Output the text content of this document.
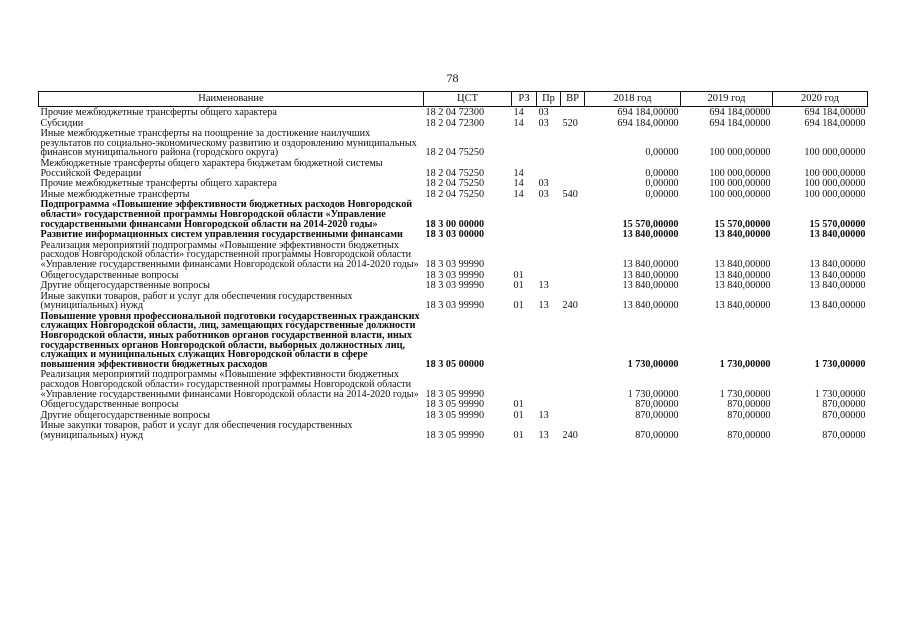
78
Наименование	ЦСТ	РЗ	Пр	ВР	2018 год	2019 год	2020 год
Прочие межбюджетные трансферты общего характера	18 2 04 72300	14	03		694 184,00000	694 184,00000	694 184,00000
Субсидии	18 2 04 72300	14	03	520	694 184,00000	694 184,00000	694 184,00000
Иные межбюджетные трансферты на поощрение за достижение наилучших результатов по социально-экономическому развитию и оздоровлению муниципальных финансов муниципального района (городского округа)	18 2 04 75250				0,00000	100 000,00000	100 000,00000
Межбюджетные трансферты общего характера бюджетам бюджетной системы Российской Федерации	18 2 04 75250	14			0,00000	100 000,00000	100 000,00000
Прочие межбюджетные трансферты общего характера	18 2 04 75250	14	03		0,00000	100 000,00000	100 000,00000
Иные межбюджетные трансферты	18 2 04 75250	14	03	540	0,00000	100 000,00000	100 000,00000
Подпрограмма «Повышение эффективности бюджетных расходов Новгородской области» государственной программы Новгородской области «Управление государственными финансами Новгородской области на 2014-2020 годы»	18 3 00 00000				15 570,00000	15 570,00000	15 570,00000
Развитие информационных систем управления государственными финансами	18 3 03 00000				13 840,00000	13 840,00000	13 840,00000
Реализация мероприятий подпрограммы «Повышение эффективности бюджетных расходов Новгородской области» государственной программы Новгородской области «Управление государственными финансами Новгородской области на 2014-2020 годы»	18 3 03 99990				13 840,00000	13 840,00000	13 840,00000
Общегосударственные вопросы	18 3 03 99990	01			13 840,00000	13 840,00000	13 840,00000
Другие общегосударственные вопросы	18 3 03 99990	01	13		13 840,00000	13 840,00000	13 840,00000
Иные закупки товаров, работ и услуг для обеспечения государственных (муниципальных) нужд	18 3 03 99990	01	13	240	13 840,00000	13 840,00000	13 840,00000
Повышение уровня профессиональной подготовки государственных гражданских служащих Новгородской области, лиц, замещающих государственные должности Новгородской области, иных работников органов государственной власти, иных государственных органов Новгородской области, выборных должностных лиц, служащих и муниципальных служащих Новгородской области в сфере повышения эффективности бюджетных расходов	18 3 05 00000				1 730,00000	1 730,00000	1 730,00000
Реализация мероприятий подпрограммы «Повышение эффективности бюджетных расходов Новгородской области» государственной программы Новгородской области «Управление государственными финансами Новгородской области на 2014-2020 годы»	18 3 05 99990				1 730,00000	1 730,00000	1 730,00000
Общегосударственные вопросы	18 3 05 99990	01			870,00000	870,00000	870,00000
Другие общегосударственные вопросы	18 3 05 99990	01	13		870,00000	870,00000	870,00000
Иные закупки товаров, работ и услуг для обеспечения государственных (муниципальных) нужд	18 3 05 99990	01	13	240	870,00000	870,00000	870,00000
